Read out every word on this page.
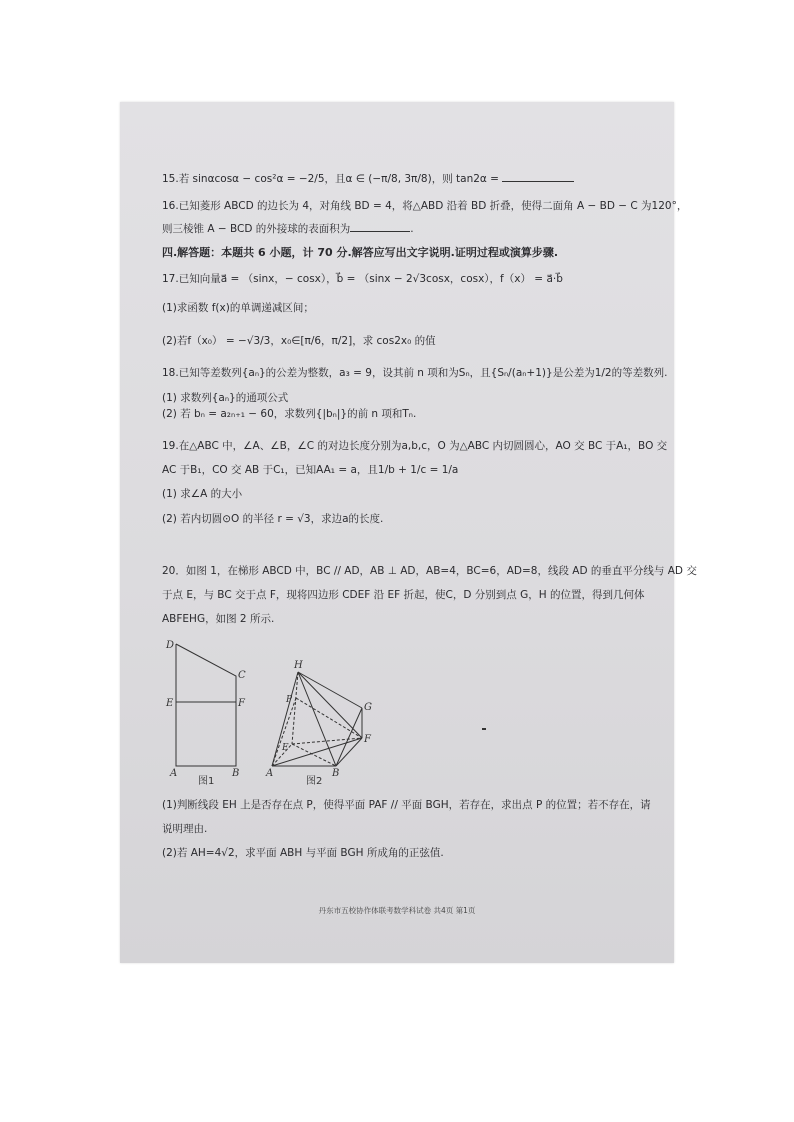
15.若 sinαcosα − cos²α = −2/5，且α ∈ (−π/8, 3π/8)，则 tan2α =
16.已知菱形 ABCD 的边长为 4，对角线 BD = 4，将△ABD 沿着 BD 折叠，使得二面角 A − BD − C 为120°，
则三棱锥 A − BCD 的外接球的表面积为	.
四.解答题：本题共 6 小题，计 70 分.解答应写出文字说明.证明过程或演算步骤.
17.已知向量a⃗ = （sinx，− cosx），b⃗ = （sinx − 2√3cosx，cosx），f（x） = a⃗·b⃗
(1)求函数 f(x)的单调递减区间；
(2)若f（x₀） = −√3/3，x₀∈[π/6，π/2]，求 cos2x₀ 的值
18.已知等差数列{aₙ}的公差为整数，a₃ = 9，设其前 n 项和为Sₙ，且{Sₙ/(aₙ+1)}是公差为1/2的等差数列.
(1) 求数列{aₙ}的通项公式
(2) 若 bₙ = a₂ₙ₊₁ − 60，求数列{|bₙ|}的前 n 项和Tₙ.
19.在△ABC 中，∠A、∠B，∠C 的对边长度分别为a,b,c，O 为△ABC 内切圆圆心，AO 交 BC 于A₁，BO 交
AC 于B₁，CO 交 AB 于C₁，已知AA₁ = a，且1/b + 1/c = 1/a
(1) 求∠A 的大小
(2) 若内切圆⊙O 的半径 r = √3，求边a的长度.
20．如图 1，在梯形 ABCD 中，BC // AD，AB ⊥ AD，AB=4，BC=6，AD=8，线段 AD 的垂直平分线与 AD 交
于点 E，与 BC 交于点 F，现将四边形 CDEF 沿 EF 折起，使C，D 分别到点 G，H 的位置，得到几何体
ABFEHG，如图 2 所示.
D
C
E	F
A	B
图1
H
P
G
E
F
A	B
图2
(1)判断线段 EH 上是否存在点 P，使得平面 PAF // 平面 BGH，若存在，求出点 P 的位置；若不存在，请
说明理由.
(2)若 AH=4√2，求平面 ABH 与平面 BGH 所成角的正弦值.
丹东市五校协作体联考数学科试卷 共4页 第1页
